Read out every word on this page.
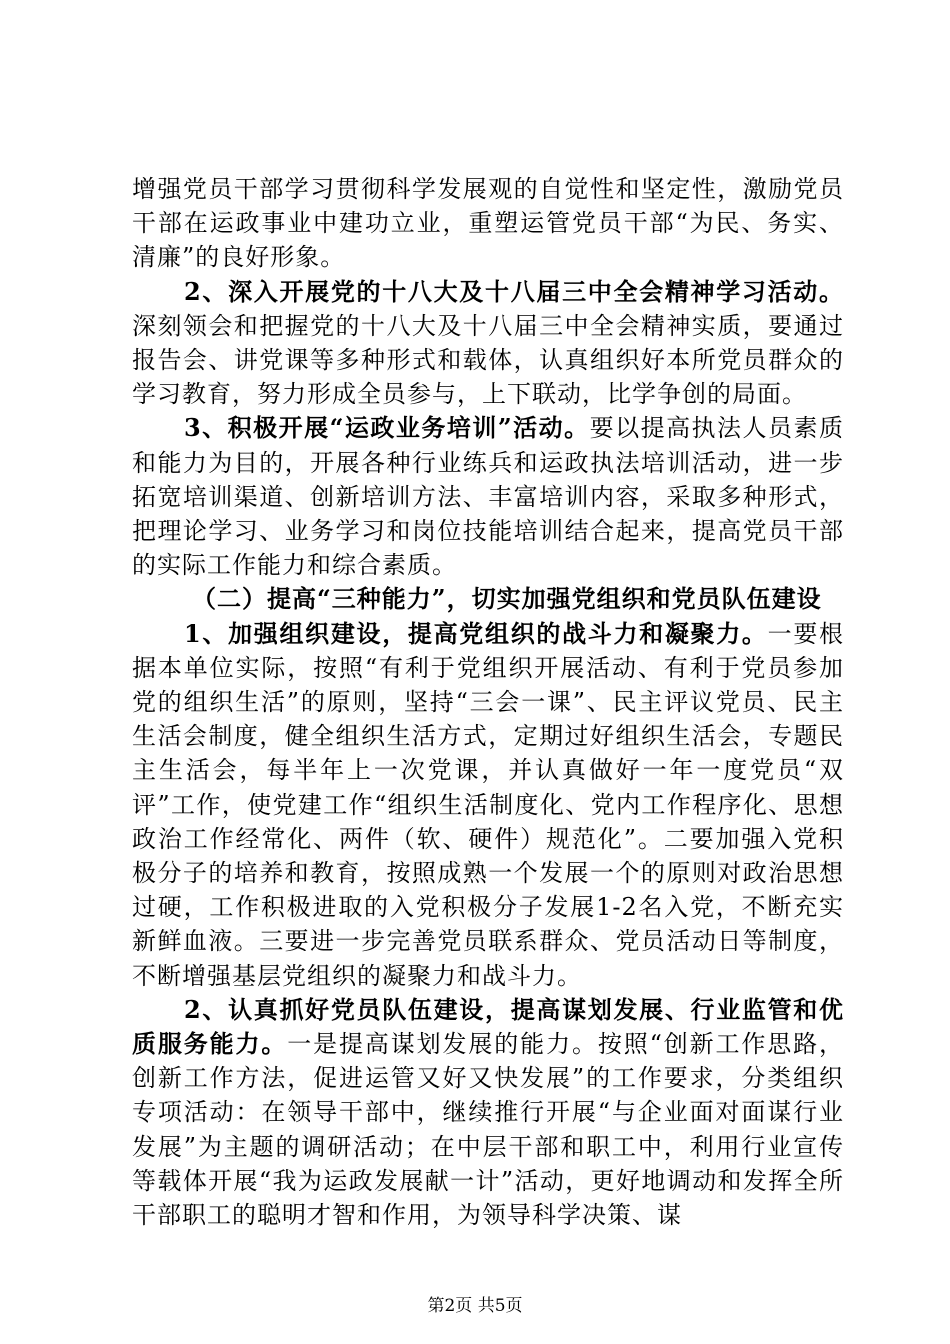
增强党员干部学习贯彻科学发展观的自觉性和坚定性，激励党员干部在运政事业中建功立业，重塑运管党员干部“为民、务实、清廉”的良好形象。

2、深入开展党的十八大及十八届三中全会精神学习活动。深刻领会和把握党的十八大及十八届三中全会精神实质，要通过报告会、讲党课等多种形式和载体，认真组织好本所党员群众的学习教育，努力形成全员参与，上下联动，比学争创的局面。

3、积极开展“运政业务培训”活动。要以提高执法人员素质和能力为目的，开展各种行业练兵和运政执法培训活动，进一步拓宽培训渠道、创新培训方法、丰富培训内容，采取多种形式，把理论学习、业务学习和岗位技能培训结合起来，提高党员干部的实际工作能力和综合素质。

（二）提高“三种能力”，切实加强党组织和党员队伍建设

1、加强组织建设，提高党组织的战斗力和凝聚力。一要根据本单位实际，按照“有利于党组织开展活动、有利于党员参加党的组织生活”的原则，坚持“三会一课”、民主评议党员、民主生活会制度，健全组织生活方式，定期过好组织生活会，专题民主生活会，每半年上一次党课，并认真做好一年一度党员“双评”工作，使党建工作“组织生活制度化、党内工作程序化、思想政治工作经常化、两件（软、硬件）规范化”。二要加强入党积极分子的培养和教育，按照成熟一个发展一个的原则对政治思想过硬，工作积极进取的入党积极分子发展1-2名入党，不断充实新鲜血液。三要进一步完善党员联系群众、党员活动日等制度，不断增强基层党组织的凝聚力和战斗力。

2、认真抓好党员队伍建设，提高谋划发展、行业监管和优质服务能力。一是提高谋划发展的能力。按照“创新工作思路，创新工作方法，促进运管又好又快发展”的工作要求，分类组织专项活动：在领导干部中，继续推行开展“与企业面对面谋行业发展”为主题的调研活动；在中层干部和职工中，利用行业宣传等载体开展“我为运政发展献一计”活动，更好地调动和发挥全所干部职工的聪明才智和作用，为领导科学决策、谋

第2页 共5页
